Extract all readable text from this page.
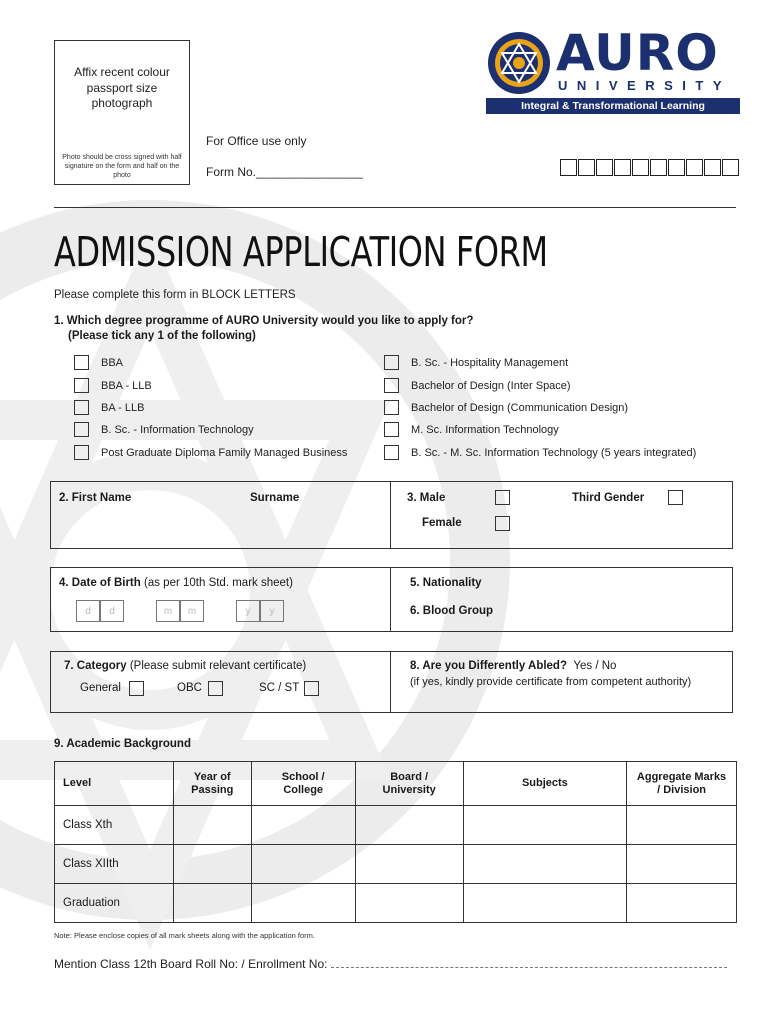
Affix recent colour passport size photograph
Photo should be cross signed with half signature on the form and half on the photo
AURO
UNIVERSITY
Integral & Transformational Learning
For Office use only
Form No.________________
ADMISSION APPLICATION FORM
Please complete this form in BLOCK LETTERS
1. Which degree programme of AURO University would you like to apply for?
(Please tick any 1 of the following)
BBA
BBA - LLB
BA - LLB
B. Sc. - Information Technology
Post Graduate Diploma Family Managed Business
B. Sc. - Hospitality Management
Bachelor of Design (Inter Space)
Bachelor of Design (Communication Design)
M. Sc. Information Technology
B. Sc. - M. Sc. Information Technology (5 years integrated)
2. First Name	Surname	3. Male	Third Gender
Female
4. Date of Birth (as per 10th Std. mark sheet)
d	d	m	m	y	y
5. Nationality
6. Blood Group
7. Category (Please submit relevant certificate)
General	OBC	SC / ST
8. Are you Differently Abled? Yes / No
(if yes, kindly provide certificate from competent authority)
9. Academic Background
Level	Year of Passing	School / College	Board / University	Subjects	Aggregate Marks / Division
Class Xth					
Class XIIth					
Graduation					
Note: Please enclose copies of all mark sheets along with the application form.
Mention Class 12th Board Roll No: / Enrollment No:
